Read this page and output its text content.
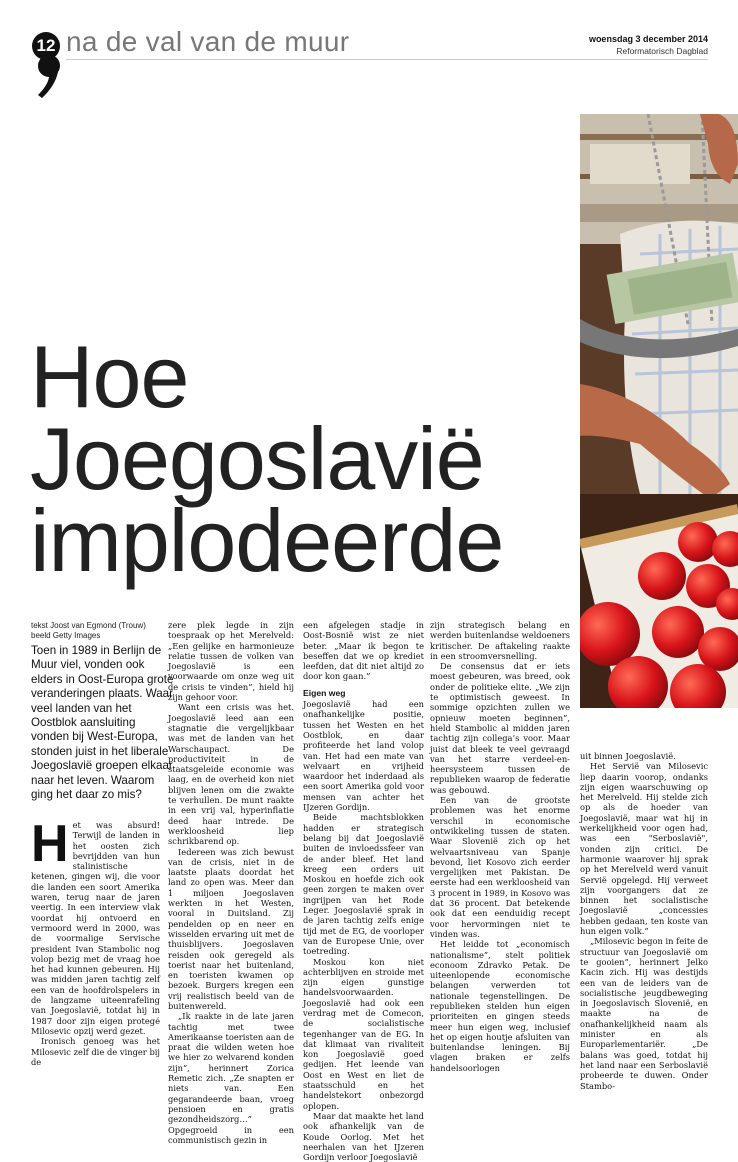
12 na de val van de muur	woensdag 3 december 2014
Reformatorisch Dagblad
Hoe
Joegoslavië
implodeerde
tekst Joost van Egmond (Trouw)
beeld Getty Images
Toen in 1989 in Berlijn de Muur viel, vonden ook elders in Oost-Europa grote veranderingen plaats. Waar veel landen van het Oostblok aansluiting vonden bij West-Europa, stonden juist in het liberale Joegoslavië groepen elkaar naar het leven. Waarom ging het daar zo mis?
H et was absurd! Terwijl de landen in het oosten zich bevrijdden van hun stalinistische ketenen, gingen wij, die voor die landen een soort Amerika waren, terug naar de jaren veertig. In een interview vlak voordat hij ontvoerd en vermoord werd in 2000, was de voormalige Servische president Ivan Stambolic nog volop bezig met de vraag hoe het had kunnen gebeuren. Hij was midden jaren tachtig zelf een van de hoofdrolspelers in de langzame uiteenrafeling van Joegoslavië, totdat hij in 1987 door zijn eigen protegé Milosevic opzij werd gezet.

Ironisch genoeg was het Milosevic zelf die de vinger bij de

zere plek legde in zijn toespraak op het Merelveld: „Een gelijke en harmonieuze relatie tussen de volken van Joegoslavië is een voorwaarde om onze weg uit de crisis te vinden”, hield hij zijn gehoor voor.

Want een crisis was het. Joegoslavië leed aan een stagnatie die vergelijkbaar was met de landen van het Warschaupact. De productiviteit in de staatsgeleide economie was laag, en de overheid kon niet blijven lenen om die zwakte te verhullen. De munt raakte in een vrij val, hyperinflatie deed haar intrede. De werkloosheid liep schrikbarend op.

Iedereen was zich bewust van de crisis, niet in de laatste plaats doordat het land zo open was. Meer dan 1 miljoen Joegoslaven werkten in het Westen, vooral in Duitsland. Zij pendelden op en neer en wisselden ervaring uit met de thuisblijvers. Joegoslaven reisden ook geregeld als toerist naar het buitenland, en toeristen kwamen op bezoek. Burgers kregen een vrij realistisch beeld van de buitenwereld.

„Ik raakte in de late jaren tachtig met twee Amerikaanse toeristen aan de praat die wilden weten hoe we hier zo welvarend konden zijn”, herinnert Zorica Remetic zich. „Ze snapten er niets van. Een gegarandeerde baan, vroeg pensioen en gratis gezondheidszorg…” Opgegroeid in een communistisch gezin in

een afgelegen stadje in Oost-Bosnië wist ze niet beter. „Maar ik begon te beseffen dat we op krediet leefden, dat dit niet altijd zo door kon gaan.”

Eigen weg

Joegoslavië had een onafhankelijke positie, tussen het Westen en het Oostblok, en daar profiteerde het land volop van. Het had een mate van welvaart en vrijheid waardoor het inderdaad als een soort Amerika gold voor mensen van achter het IJzeren Gordijn.

Beide machtsblokken hadden er strategisch belang bij dat Joegoslavië buiten de invloedssfeer van de ander bleef. Het land kreeg een orders uit Moskou en hoefde zich ook geen zorgen te maken over ingrijpen van het Rode Leger. Joegoslavië sprak in de jaren tachtig zelfs enige tijd met de EG, de voorloper van de Europese Unie, over toetreding.

Moskou kon niet achterblijven en stroide met zijn eigen gunstige handelsvoorwaarden. Joegoslavië had ook een verdrag met de Comecon, de socialistische tegenhanger van de EG. In dat klimaat van rivaliteit kon Joegoslavië goed gedijen. Het leende van Oost en West en liet de staatsschuld en het handelstekort onbezorgd oplopen.

Maar dat maakte het land ook afhankelijk van de Koude Oorlog. Met het neerhalen van het IJzeren Gordijn verloor Joegoslavië

zijn strategisch belang en werden buitenlandse weldoeners kritischer. De aftakeling raakte in een stroomversnelling.

De consensus dat er iets moest gebeuren, was breed, ook onder de politieke elite. „We zijn te optimistisch geweest. In sommige opzichten zullen we opnieuw moeten beginnen”, hield Stambolic al midden jaren tachtig zijn collega’s voor. Maar juist dat bleek te veel gevraagd van het starre verdeel-en-heersysteem tussen de republieken waarop de federatie was gebouwd.

Een van de grootste problemen was het enorme verschil in economische ontwikkeling tussen de staten. Waar Slovenië zich op het welvaartsniveau van Spanje bevond, liet Kosovo zich eerder vergelijken met Pakistan. De eerste had een werkloosheid van 3 procent in 1989, in Kosovo was dat 36 procent. Dat betekende ook dat een eenduidig recept voor hervormingen niet te vinden was.

Het leidde tot „economisch nationalisme”, stelt politiek econoom Zdravko Petak. De uiteenlopende economische belangen verwerden tot nationale tegenstellingen. De republieken stelden hun eigen prioriteiten en gingen steeds meer hun eigen weg, inclusief het op eigen houtje afsluiten van buitenlandse leningen. Bij vlagen braken er zelfs handelsoorlogen

uit binnen Joegoslavië.

Het Servië van Milosevic liep daarin voorop, ondanks zijn eigen waarschuwing op het Merelveld. Hij stelde zich op als de hoeder van Joegoslavië, maar wat hij in werkelijkheid voor ogen had, was een "Serboslavië", vonden zijn critici. De harmonie waarover hij sprak op het Merelveld werd vanuit Servië opgelegd. Hij verweet zijn voorgangers dat ze binnen het socialistische Joegoslavië „concessies hebben gedaan, ten koste van hun eigen volk.”

„Milosevic begon in feite de structuur van Joegoslavië om te gooien”, herinnert Jelko Kacin zich. Hij was destijds een van de leiders van de socialistische jeugdbeweging in Joegoslavisch Slovenië, en maakte na de onafhankelijkheid naam als minister en als Europarlementariër. „De balans was goed, totdat hij het land naar een Serboslavië probeerde te duwen. Onder Stambo-
